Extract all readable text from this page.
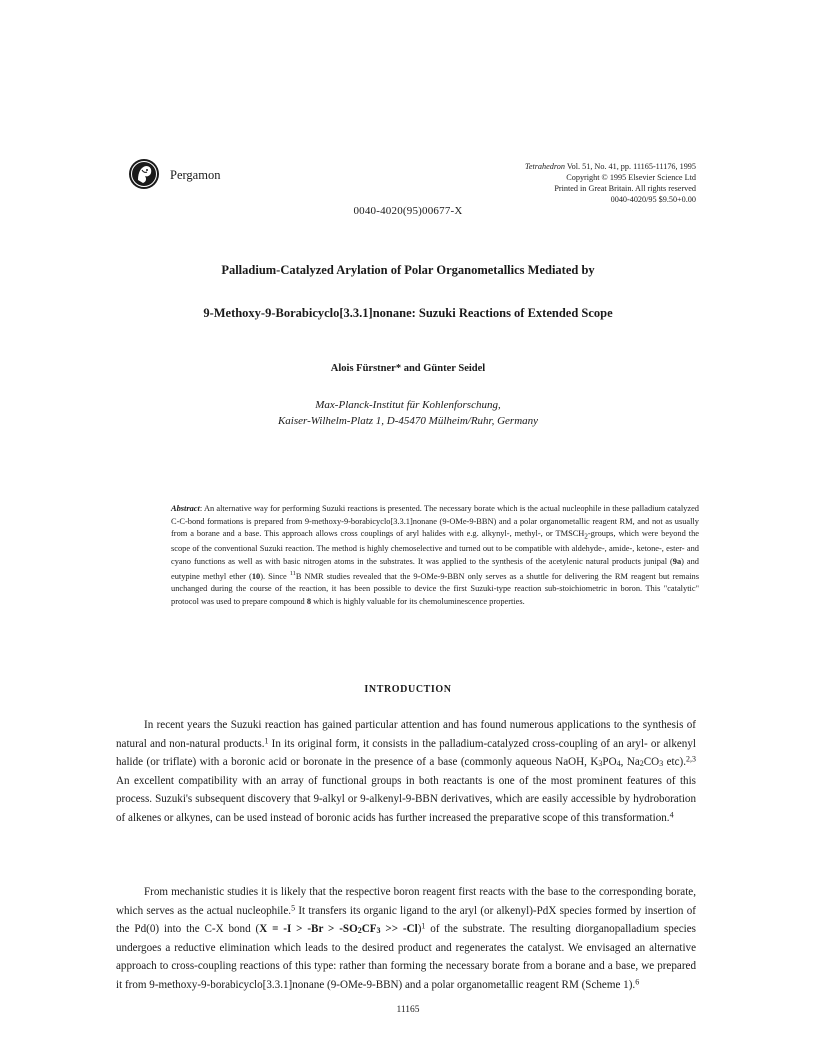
Pergamon
Tetrahedron Vol. 51, No. 41, pp. 11165-11176, 1995
Copyright © 1995 Elsevier Science Ltd
Printed in Great Britain. All rights reserved
0040-4020/95 $9.50+0.00
0040-4020(95)00677-X
Palladium-Catalyzed Arylation of Polar Organometallics Mediated by
9-Methoxy-9-Borabicyclo[3.3.1]nonane: Suzuki Reactions of Extended Scope
Alois Fürstner* and Günter Seidel
Max-Planck-Institut für Kohlenforschung,
Kaiser-Wilhelm-Platz 1, D-45470 Mülheim/Ruhr, Germany
Abstract: An alternative way for performing Suzuki reactions is presented. The necessary borate which is the actual nucleophile in these palladium catalyzed C-C-bond formations is prepared from 9-methoxy-9-borabicyclo[3.3.1]nonane (9-OMe-9-BBN) and a polar organometallic reagent RM, and not as usually from a borane and a base. This approach allows cross couplings of aryl halides with e.g. alkynyl-, methyl-, or $TMSCH_2$-groups, which were beyond the scope of the conventional Suzuki reaction. The method is highly chemoselective and turned out to be compatible with aldehyde-, amide-, ketone-, ester- and cyano functions as well as with basic nitrogen atoms in the substrates. It was applied to the synthesis of the acetylenic natural products junipal (9a) and eutypine methyl ether (10). Since $^{11}$B NMR studies revealed that the 9-OMe-9-BBN only serves as a shuttle for delivering the RM reagent but remains unchanged during the course of the reaction, it has been possible to device the first Suzuki-type reaction sub-stoichiometric in boron. This "catalytic" protocol was used to prepare compound 8 which is highly valuable for its chemoluminescence properties.
INTRODUCTION
In recent years the Suzuki reaction has gained particular attention and has found numerous applications to the synthesis of natural and non-natural products.$^1$ In its original form, it consists in the palladium-catalyzed cross-coupling of an aryl- or alkenyl halide (or triflate) with a boronic acid or boronate in the presence of a base (commonly aqueous NaOH, $K_3PO_4$, $Na_2CO_3$ etc).$^{2,3}$ An excellent compatibility with an array of functional groups in both reactants is one of the most prominent features of this process. Suzuki's subsequent discovery that 9-alkyl or 9-alkenyl-9-BBN derivatives, which are easily accessible by hydroboration of alkenes or alkynes, can be used instead of boronic acids has further increased the preparative scope of this transformation.$^4$
From mechanistic studies it is likely that the respective boron reagent first reacts with the base to the corresponding borate, which serves as the actual nucleophile.$^5$ It transfers its organic ligand to the aryl (or alkenyl)-PdX species formed by insertion of the Pd(0) into the C-X bond $(X = -I > -Br > -SO_2CF_3 >> -Cl)^1$ of the substrate. The resulting diorganopalladium species undergoes a reductive elimination which leads to the desired product and regenerates the catalyst. We envisaged an alternative approach to cross-coupling reactions of this type: rather than forming the necessary borate from a borane and a base, we prepared it from 9-methoxy-9-borabicyclo[3.3.1]nonane (9-OMe-9-BBN) and a polar organometallic reagent RM (Scheme 1).$^6$
11165
